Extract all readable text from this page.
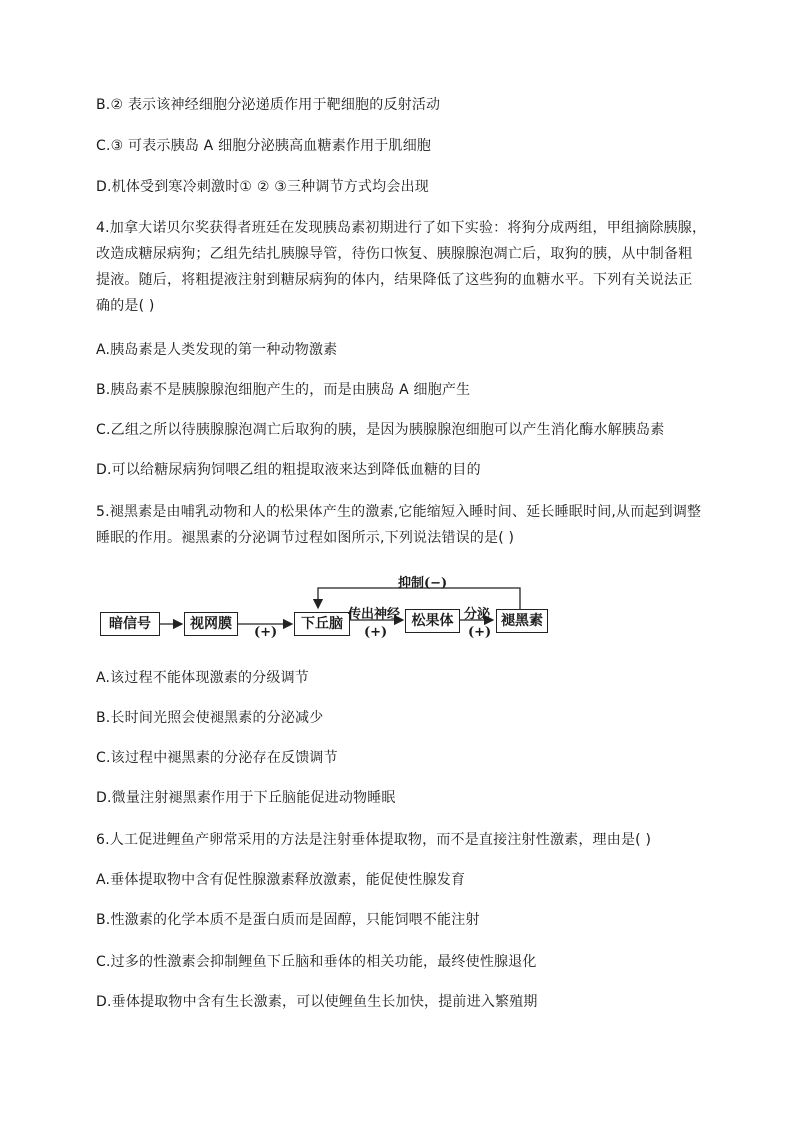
B.② 表示该神经细胞分泌递质作用于靶细胞的反射活动
C.③ 可表示胰岛 A 细胞分泌胰高血糖素作用于肌细胞
D.机体受到寒冷刺激时① ② ③三种调节方式均会出现
4.加拿大诺贝尔奖获得者班廷在发现胰岛素初期进行了如下实验：将狗分成两组，甲组摘除胰腺，
改造成糖尿病狗；乙组先结扎胰腺导管，待伤口恢复、胰腺腺泡凋亡后，取狗的胰，从中制备粗
提液。随后，将粗提液注射到糖尿病狗的体内，结果降低了这些狗的血糖水平。下列有关说法正
确的是( )
A.胰岛素是人类发现的第一种动物激素
B.胰岛素不是胰腺腺泡细胞产生的，而是由胰岛 A 细胞产生
C.乙组之所以待胰腺腺泡凋亡后取狗的胰，是因为胰腺腺泡细胞可以产生消化酶水解胰岛素
D.可以给糖尿病狗饲喂乙组的粗提取液来达到降低血糖的目的
5.褪黑素是由哺乳动物和人的松果体产生的激素,它能缩短入睡时间、延长睡眠时间,从而起到调整
睡眠的作用。褪黑素的分泌调节过程如图所示,下列说法错误的是( )
暗信号	视网膜	下丘脑	松果体	褪黑素
抑制(−)
(+)
传出神经
(+)
分泌
(+)
A.该过程不能体现激素的分级调节
B.长时间光照会使褪黑素的分泌减少
C.该过程中褪黑素的分泌存在反馈调节
D.微量注射褪黑素作用于下丘脑能促进动物睡眠
6.人工促进鲤鱼产卵常采用的方法是注射垂体提取物，而不是直接注射性激素，理由是( )
A.垂体提取物中含有促性腺激素释放激素，能促使性腺发育
B.性激素的化学本质不是蛋白质而是固醇，只能饲喂不能注射
C.过多的性激素会抑制鲤鱼下丘脑和垂体的相关功能，最终使性腺退化
D.垂体提取物中含有生长激素，可以使鲤鱼生长加快，提前进入繁殖期
